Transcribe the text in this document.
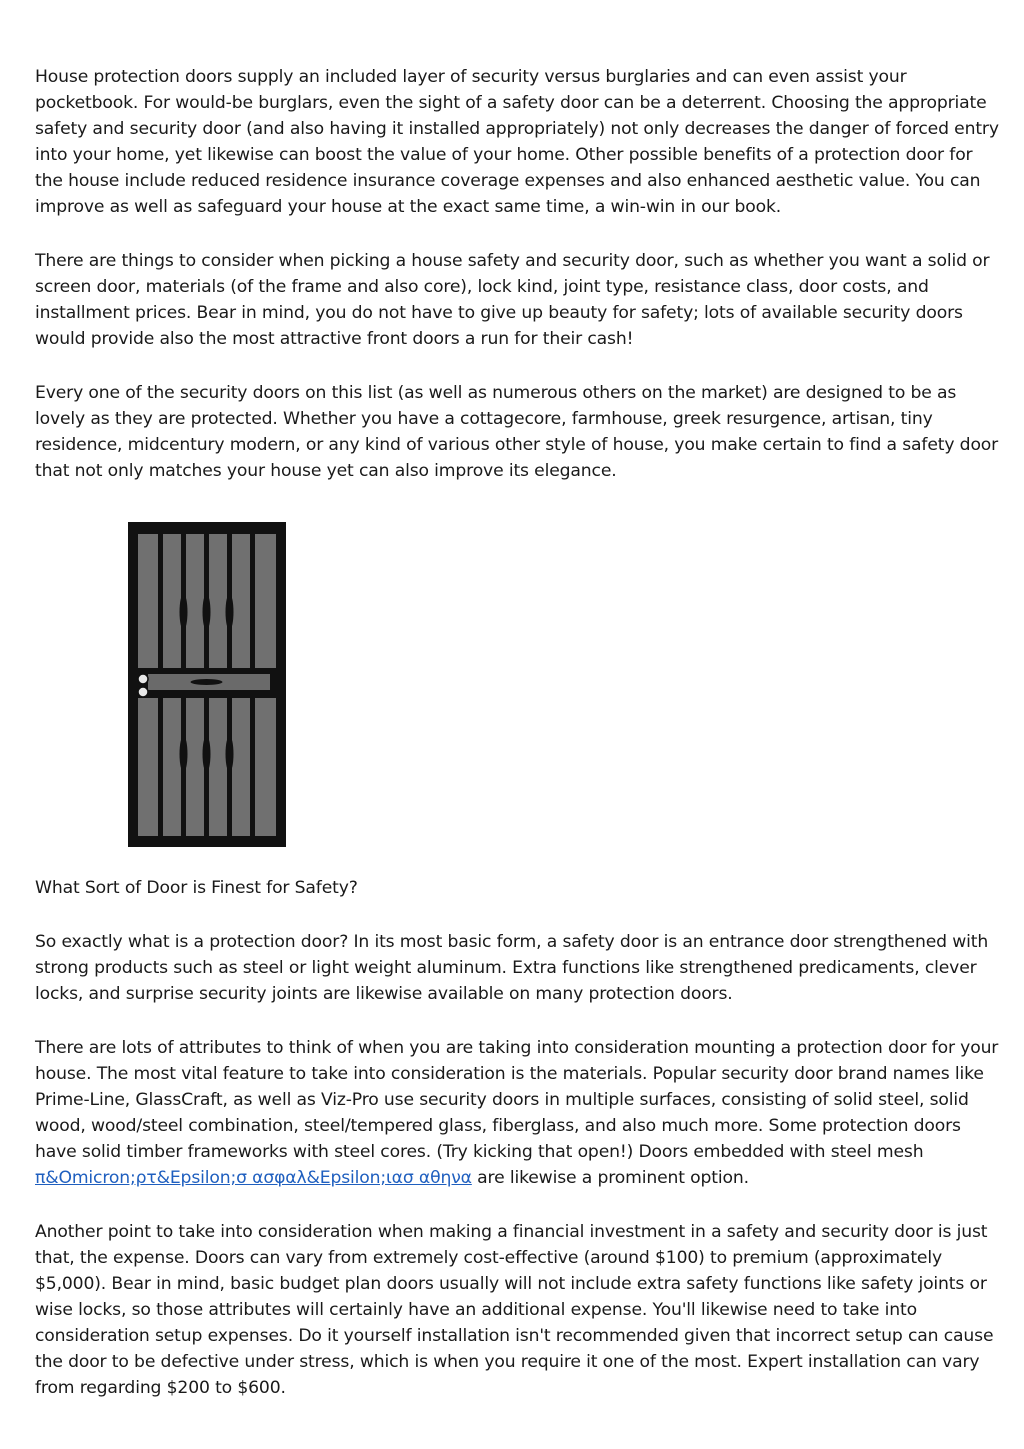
House protection doors supply an included layer of security versus burglaries and can even assist your pocketbook. For would-be burglars, even the sight of a safety door can be a deterrent. Choosing the appropriate safety and security door (and also having it installed appropriately) not only decreases the danger of forced entry into your home, yet likewise can boost the value of your home. Other possible benefits of a protection door for the house include reduced residence insurance coverage expenses and also enhanced aesthetic value. You can improve as well as safeguard your house at the exact same time, a win-win in our book.

There are things to consider when picking a house safety and security door, such as whether you want a solid or screen door, materials (of the frame and also core), lock kind, joint type, resistance class, door costs, and installment prices. Bear in mind, you do not have to give up beauty for safety; lots of available security doors would provide also the most attractive front doors a run for their cash!

Every one of the security doors on this list (as well as numerous others on the market) are designed to be as lovely as they are protected. Whether you have a cottagecore, farmhouse, greek resurgence, artisan, tiny residence, midcentury modern, or any kind of various other style of house, you make certain to find a safety door that not only matches your house yet can also improve its elegance.

What Sort of Door is Finest for Safety?

So exactly what is a protection door? In its most basic form, a safety door is an entrance door strengthened with strong products such as steel or light weight aluminum. Extra functions like strengthened predicaments, clever locks, and surprise security joints are likewise available on many protection doors.

There are lots of attributes to think of when you are taking into consideration mounting a protection door for your house. The most vital feature to take into consideration is the materials. Popular security door brand names like Prime-Line, GlassCraft, as well as Viz-Pro use security doors in multiple surfaces, consisting of solid steel, solid wood, wood/steel combination, steel/tempered glass, fiberglass, and also much more. Some protection doors have solid timber frameworks with steel cores. (Try kicking that open!) Doors embedded with steel mesh π&Omicron;ρτ&Epsilon;σ ασφαλ&Epsilon;ιασ αθηνα are likewise a prominent option.

Another point to take into consideration when making a financial investment in a safety and security door is just that, the expense. Doors can vary from extremely cost-effective (around $100) to premium (approximately $5,000). Bear in mind, basic budget plan doors usually will not include extra safety functions like safety joints or wise locks, so those attributes will certainly have an additional expense. You'll likewise need to take into consideration setup expenses. Do it yourself installation isn't recommended given that incorrect setup can cause the door to be defective under stress, which is when you require it one of the most. Expert installation can vary from regarding $200 to $600.
